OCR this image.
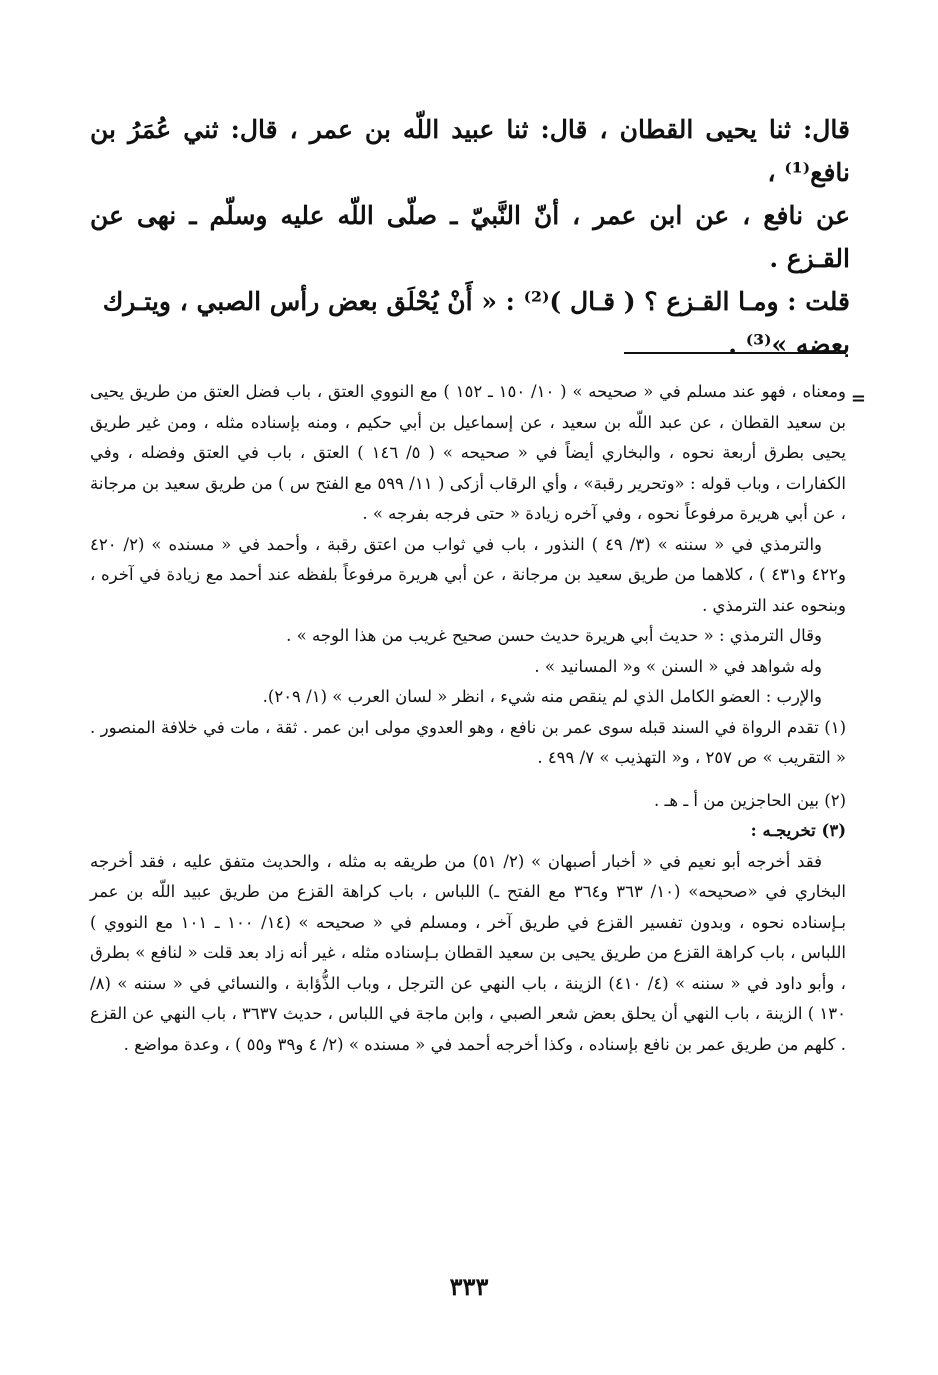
قال: ثنا يحيى القطان ، قال: ثنا عبيد اللّه بن عمر ، قال: ثني عُمَرُ بن نافع⁽¹⁾ ،

عن نافع ، عن ابن عمر ، أنّ النَّبيّ ـ صلّى اللّه عليه وسلّم ـ نهى عن القـزع .

قلت : ومـا القـزع ؟ ( قـال )⁽²⁾ : « أَنْ يُحْلَق بعض رأس الصبي ، ويتـرك

بعضه »⁽³⁾ .

=

ومعناه ، فهو عند مسلم في « صحيحه » ( ١٠/ ١٥٠ ـ ١٥٢ ) مع النووي العتق ، باب فضل العتق من طريق يحيى بن سعيد القطان ، عن عبد اللّه بن سعيد ، عن إسماعيل بن أبي حكيم ، ومنه بإسناده مثله ، ومن غير طريق يحيى بطرق أربعة نحوه ، والبخاري أيضاً في « صحيحه » ( ٥/ ١٤٦ ) العتق ، باب في العتق وفضله ، وفي الكفارات ، وباب قوله : «وتحرير رقبة» ، وأي الرقاب أزكى ( ١١/ ٥٩٩ مع الفتح س ) من طريق سعيد بن مرجانة ، عن أبي هريرة مرفوعاً نحوه ، وفي آخره زيادة « حتى فرجه بفرجه » .

والترمذي في « سننه » (٣/ ٤٩ ) النذور ، باب في ثواب من اعتق رقبة ، وأحمد في « مسنده » (٢/ ٤٢٠ و٤٢٢ و٤٣١ ) ، كلاهما من طريق سعيد بن مرجانة ، عن أبي هريرة مرفوعاً بلفظه عند أحمد مع زيادة في آخره ، وبنحوه عند الترمذي .

وقال الترمذي : « حديث أبي هريرة حديث حسن صحيح غريب من هذا الوجه » .

وله شواهد في « السنن » و« المسانيد » .

والإرب : العضو الكامل الذي لم ينقص منه شيء ، انظر « لسان العرب » (١/ ٢٠٩).

(١) تقدم الرواة في السند قبله سوى عمر بن نافع ، وهو العدوي مولى ابن عمر . ثقة ، مات في خلافة المنصور . « التقريب » ص ٢٥٧ ، و« التهذيب » ٧/ ٤٩٩ .

(٢) بين الحاجزين من أ ـ هـ .

(٣) تخريجـه :

فقد أخرجه أبو نعيم في « أخبار أصبهان » (٢/ ٥١) من طريقه به مثله ، والحديث متفق عليه ، فقد أخرجه البخاري في «صحيحه» (١٠/ ٣٦٣ و٣٦٤ مع الفتح ـ) اللباس ، باب كراهة القزع من طريق عبيد اللّه بن عمر بـإسناده نحوه ، وبدون تفسير القزع في طريق آخر ، ومسلم في « صحيحه » (١٤/ ١٠٠ ـ ١٠١ مع النووي ) اللباس ، باب كراهة القزع من طريق يحيى بن سعيد القطان بـإسناده مثله ، غير أنه زاد بعد قلت « لنافع » بطرق ، وأبو داود في « سننه » (٤/ ٤١٠) الزينة ، باب النهي عن الترجل ، وباب الذُّؤابة ، والنسائي في « سننه » (٨/ ١٣٠ ) الزينة ، باب النهي أن يحلق بعض شعر الصبي ، وابن ماجة في اللباس ، حديث ٣٦٣٧ ، باب النهي عن القزع . كلهم من طريق عمر بن نافع بإسناده ، وكذا أخرجه أحمد في « مسنده » (٢/ ٤ و٣٩ و٥٥ ) ، وعدة مواضع .

٣٣٣
